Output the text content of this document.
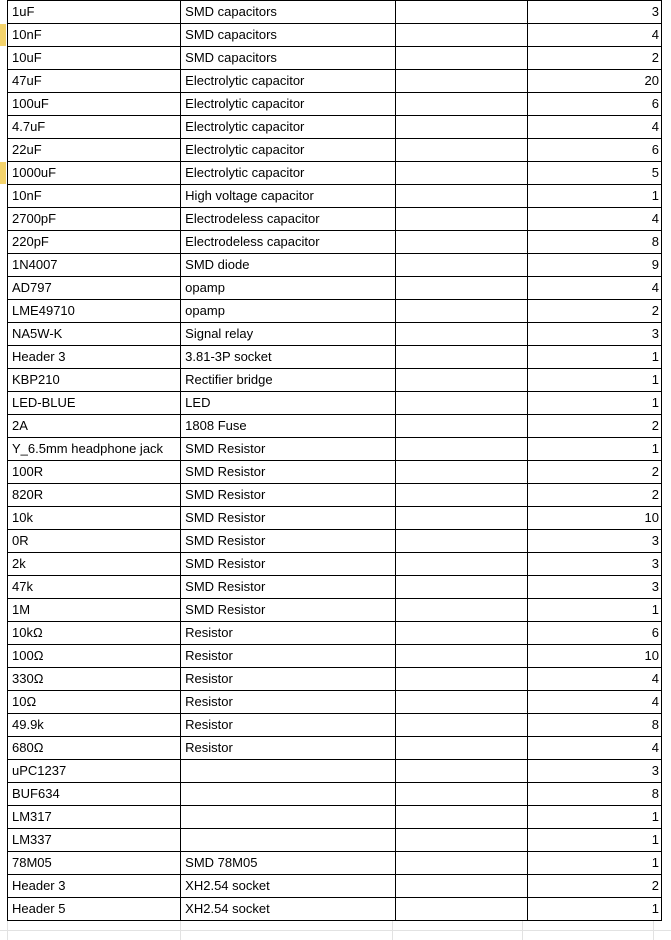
1uF	SMD capacitors		3
10nF	SMD capacitors		4
10uF	SMD capacitors		2
47uF	Electrolytic capacitor		20
100uF	Electrolytic capacitor		6
4.7uF	Electrolytic capacitor		4
22uF	Electrolytic capacitor		6
1000uF	Electrolytic capacitor		5
10nF	High voltage capacitor		1
2700pF	Electrodeless capacitor		4
220pF	Electrodeless capacitor		8
1N4007	SMD diode		9
AD797	opamp		4
LME49710	opamp		2
NA5W-K	Signal relay		3
Header 3	3.81-3P socket		1
KBP210	Rectifier bridge		1
LED-BLUE	LED		1
2A	1808 Fuse		2
Y_6.5mm headphone jack	SMD Resistor		1
100R	SMD Resistor		2
820R	SMD Resistor		2
10k	SMD Resistor		10
0R	SMD Resistor		3
2k	SMD Resistor		3
47k	SMD Resistor		3
1M	SMD Resistor		1
10kΩ	Resistor		6
100Ω	Resistor		10
330Ω	Resistor		4
10Ω	Resistor		4
49.9k	Resistor		8
680Ω	Resistor		4
uPC1237			3
BUF634			8
LM317			1
LM337			1
78M05	SMD 78M05		1
Header 3	XH2.54 socket		2
Header 5	XH2.54 socket		1
